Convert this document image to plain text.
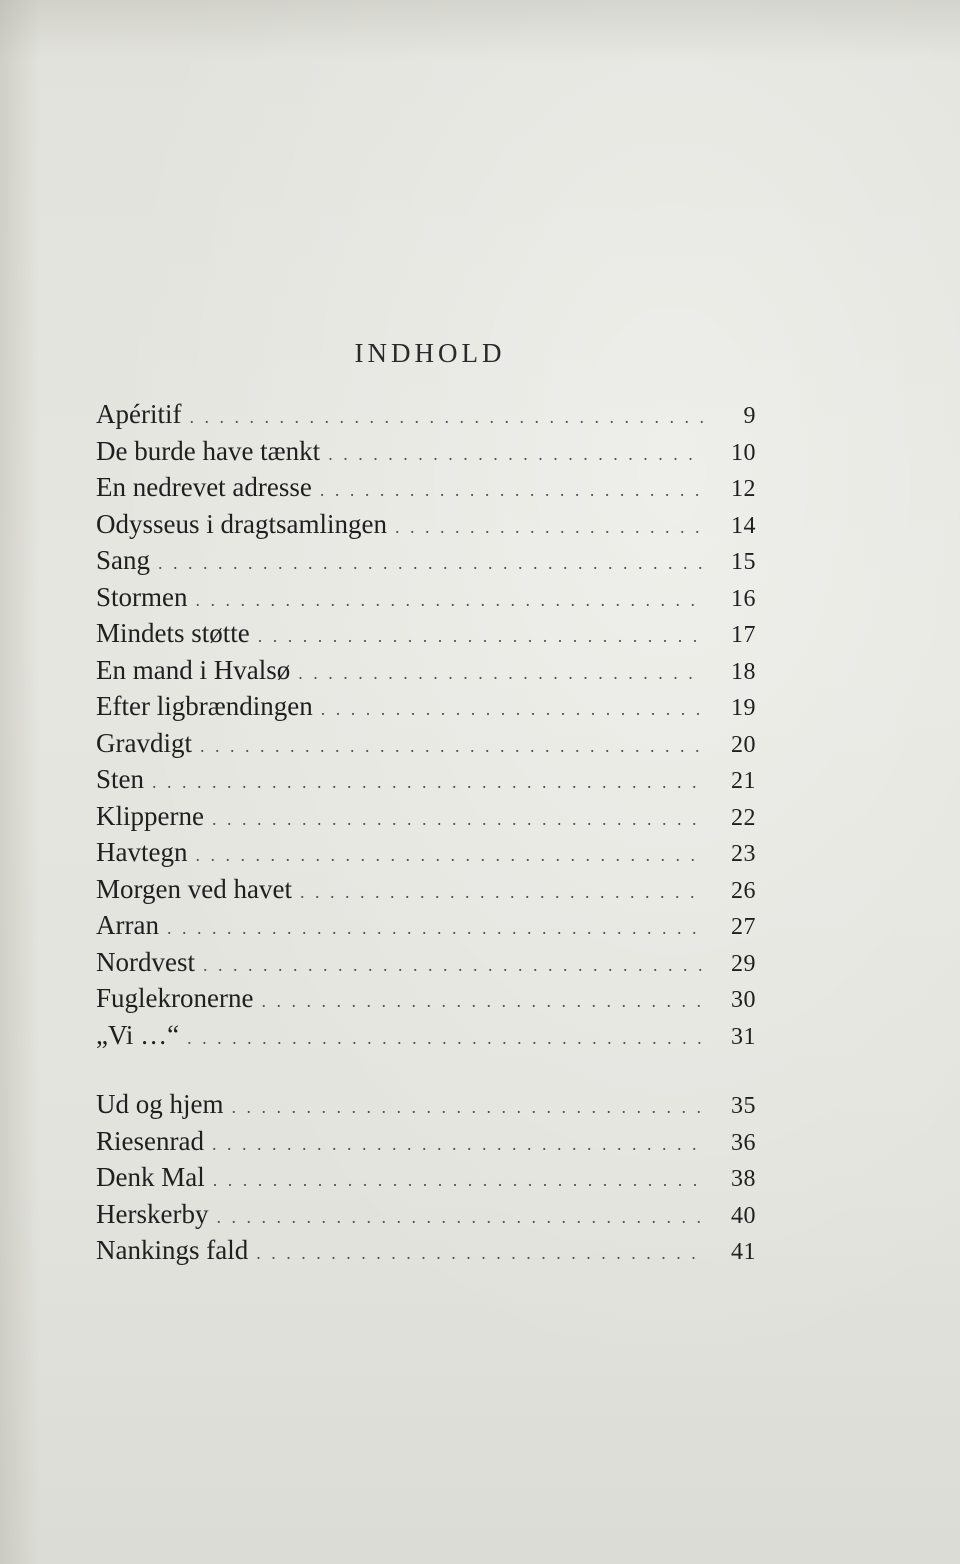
INDHOLD
Apéritif . . .	9
De burde have tænkt . . .	10
En nedrevet adresse . . .	12
Odysseus i dragtsamlingen . . .	14
Sang . . .	15
Stormen . . .	16
Mindets støtte . . .	17
En mand i Hvalsø . . .	18
Efter ligbrændingen . . .	19
Gravdigt . . .	20
Sten . . .	21
Klipperne . . .	22
Havtegn . . .	23
Morgen ved havet . . .	26
Arran . . .	27
Nordvest . . .	29
Fuglekronerne . . .	30
„Vi …“ . . .	31
Ud og hjem . . .	35
Riesenrad . . .	36
Denk Mal . . .	38
Herskerby . . .	40
Nankings fald . . .	41
